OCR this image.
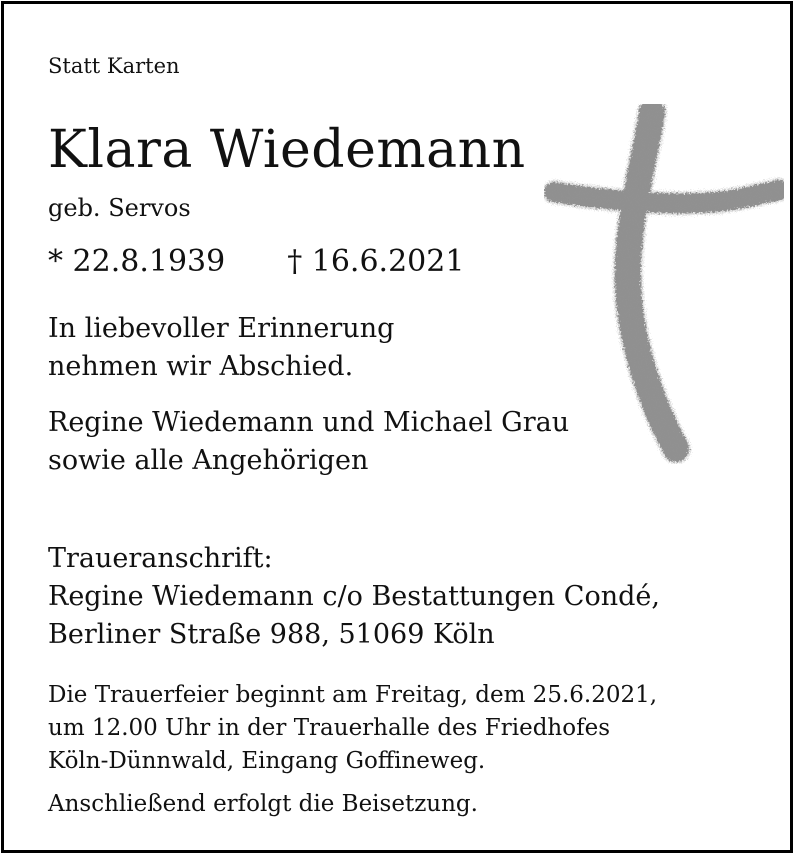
Statt Karten

Klara Wiedemann

geb. Servos

* 22.8.1939 † 16.6.2021

In liebevoller Erinnerung
nehmen wir Abschied.

Regine Wiedemann und Michael Grau
sowie alle Angehörigen

Traueranschrift:
Regine Wiedemann c/o Bestattungen Condé,
Berliner Straße 988, 51069 Köln

Die Trauerfeier beginnt am Freitag, dem 25.6.2021,
um 12.00 Uhr in der Trauerhalle des Friedhofes
Köln-Dünnwald, Eingang Goffineweg.

Anschließend erfolgt die Beisetzung.
